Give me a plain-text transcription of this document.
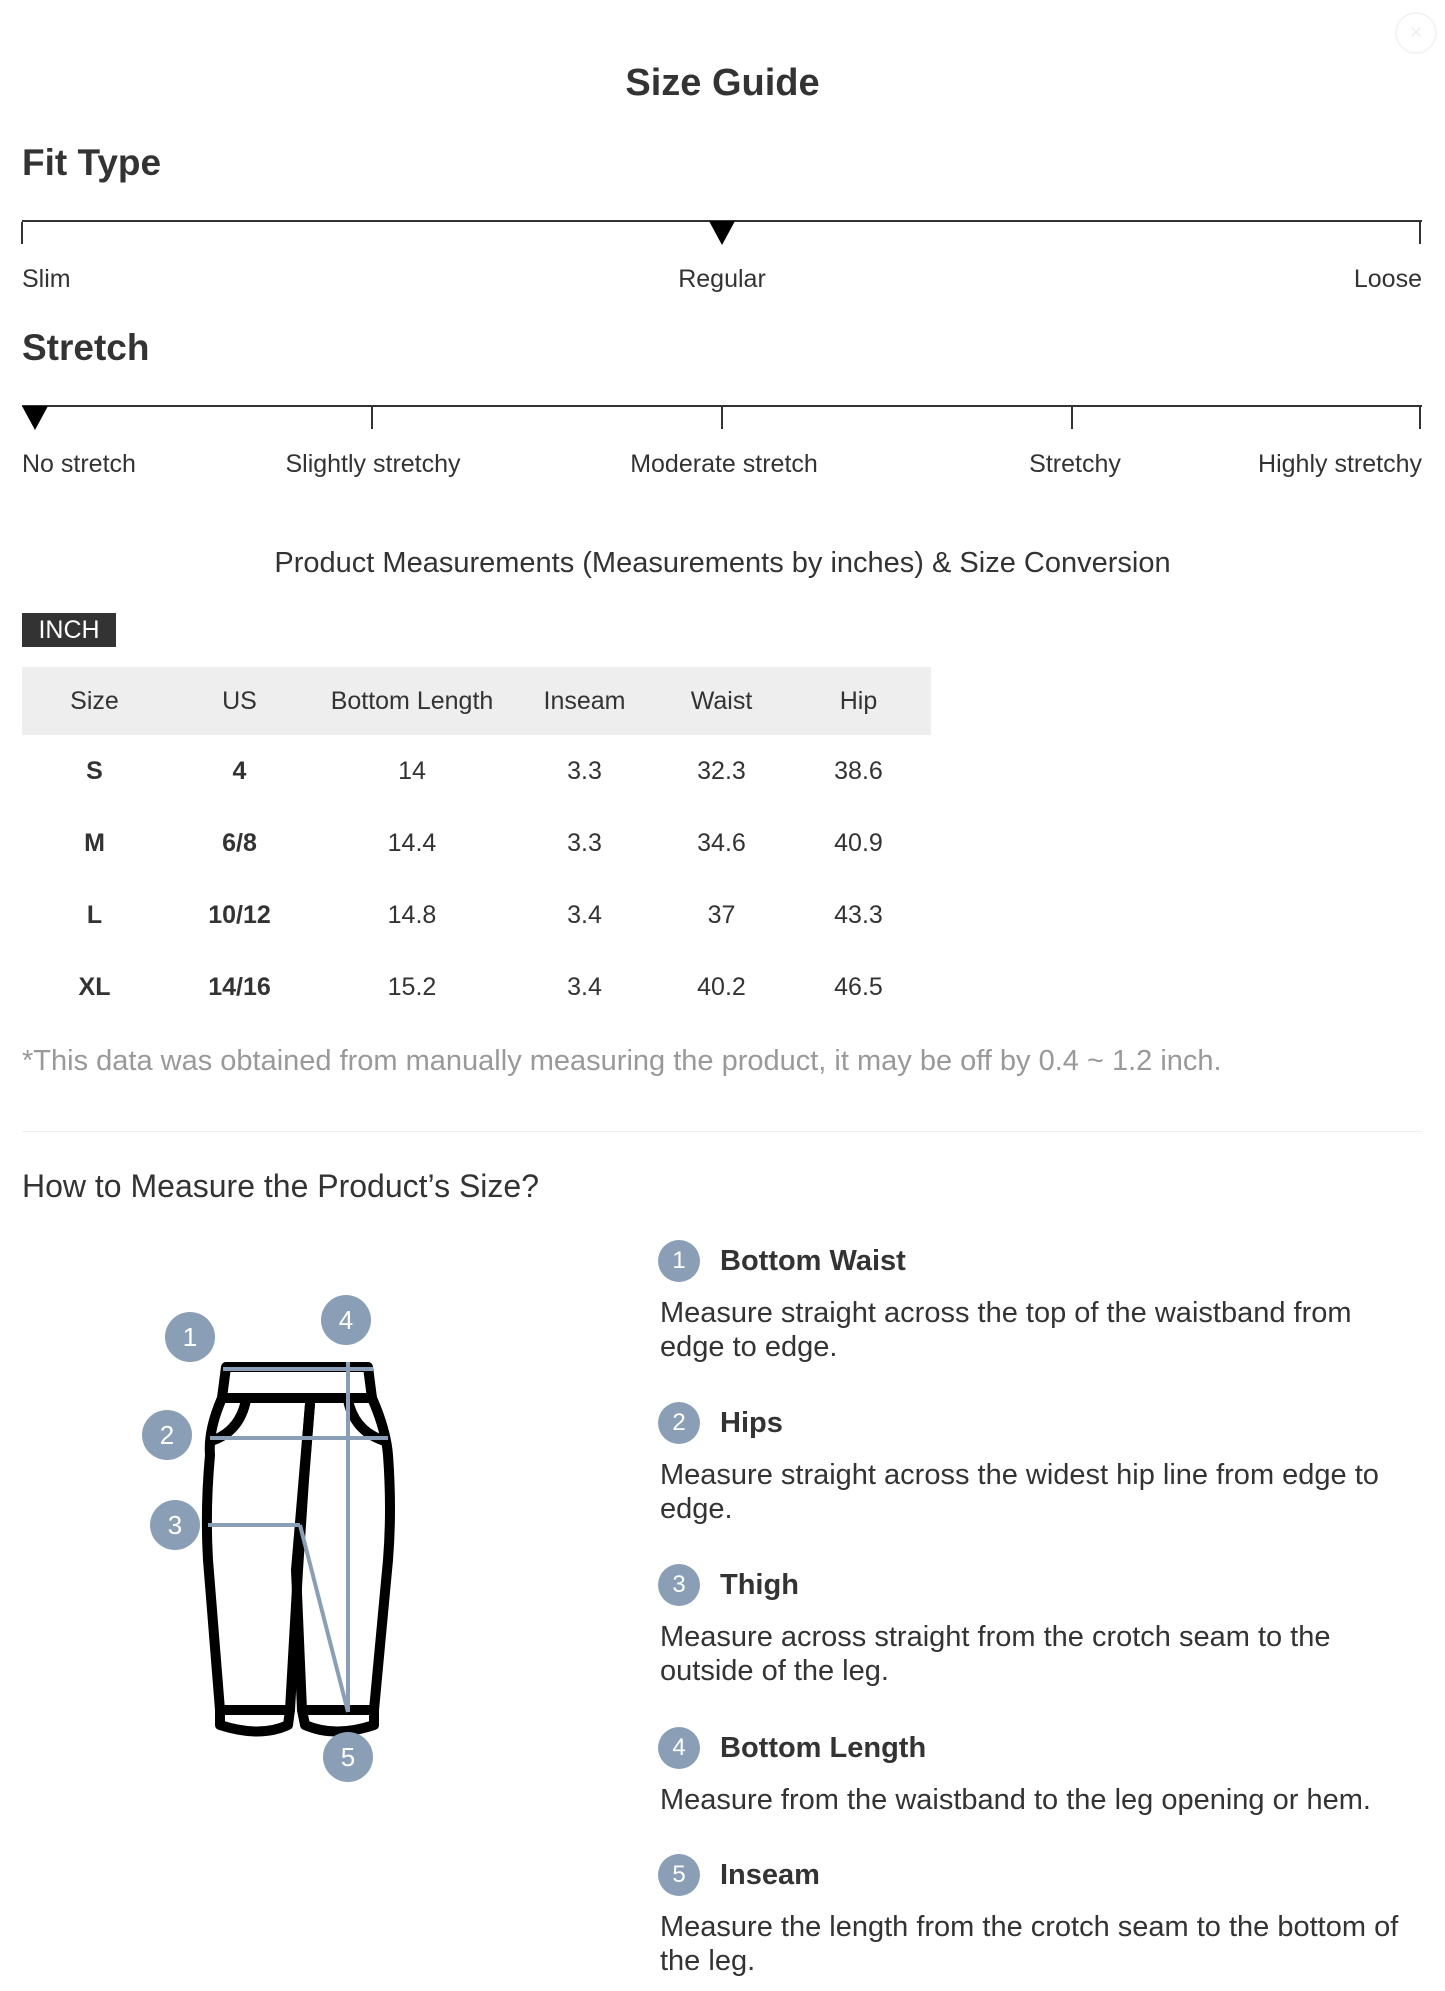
×
Size Guide
Fit Type
Slim	Regular	Loose
Stretch
No stretch	Slightly stretchy	Moderate stretch	Stretchy	Highly stretchy
Product Measurements (Measurements by inches) & Size Conversion
INCH
Size	US	Bottom Length	Inseam	Waist	Hip
S	4	14	3.3	32.3	38.6
M	6/8	14.4	3.3	34.6	40.9
L	10/12	14.8	3.4	37	43.3
XL	14/16	15.2	3.4	40.2	46.5
*This data was obtained from manually measuring the product, it may be off by 0.4 ~ 1.2 inch.
How to Measure the Product’s Size?
1
2
3
4
5
1	Bottom Waist
Measure straight across the top of the waistband from edge to edge.
2	Hips
Measure straight across the widest hip line from edge to edge.
3	Thigh
Measure across straight from the crotch seam to the outside of the leg.
4	Bottom Length
Measure from the waistband to the leg opening or hem.
5	Inseam
Measure the length from the crotch seam to the bottom of the leg.
